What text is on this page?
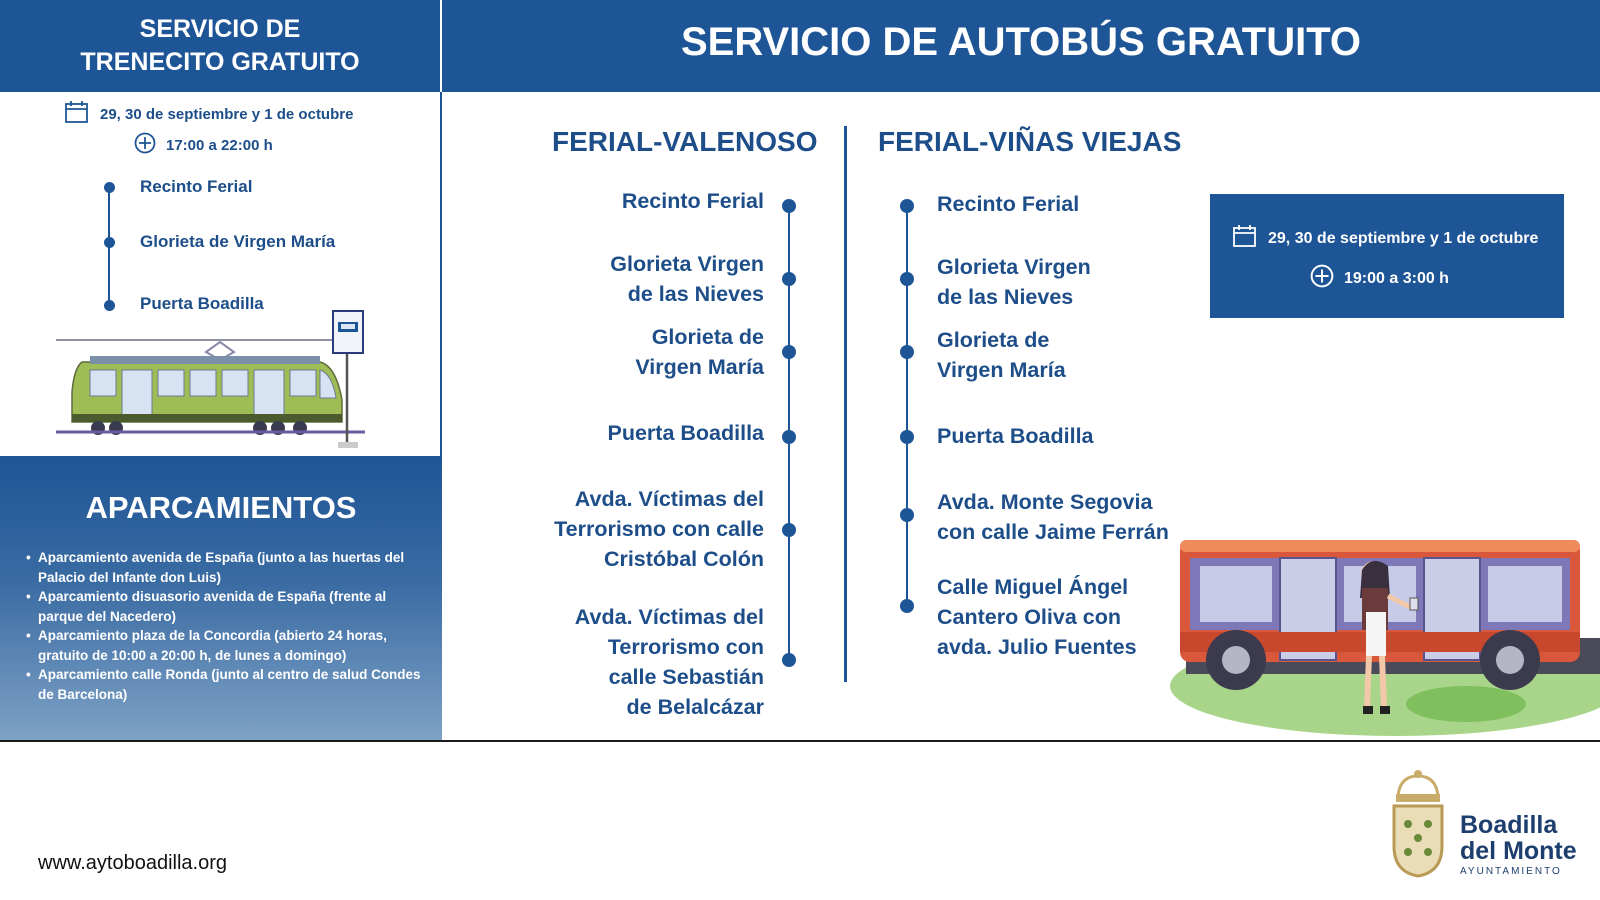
SERVICIO DE
TRENECITO GRATUITO
29, 30 de septiembre y 1 de octubre
17:00 a 22:00 h
Recinto Ferial
Glorieta de Virgen María
Puerta Boadilla
APARCAMIENTOS
• Aparcamiento avenida de España (junto a las huertas del Palacio del Infante don Luis)
• Aparcamiento disuasorio avenida de España (frente al parque del Nacedero)
• Aparcamiento plaza de la Concordia (abierto 24 horas, gratuito de 10:00 a 20:00 h, de lunes a domingo)
• Aparcamiento calle Ronda (junto al centro de salud Condes de Barcelona)
SERVICIO DE AUTOBÚS GRATUITO
FERIAL-VALENOSO FERIAL-VIÑAS VIEJAS
Recinto Ferial
Glorieta Virgen
de las Nieves
Glorieta de
Virgen María
Puerta Boadilla
Avda. Víctimas del
Terrorismo con calle
Cristóbal Colón
Avda. Víctimas del
Terrorismo con
calle Sebastián
de Belalcázar
Recinto Ferial
Glorieta Virgen
de las Nieves
Glorieta de
Virgen María
Puerta Boadilla
Avda. Monte Segovia
con calle Jaime Ferrán
Calle Miguel Ángel
Cantero Oliva con
avda. Julio Fuentes
29, 30 de septiembre y 1 de octubre
19:00 a 3:00 h
www.aytoboadilla.org
Boadilla
del Monte
AYUNTAMIENTO
